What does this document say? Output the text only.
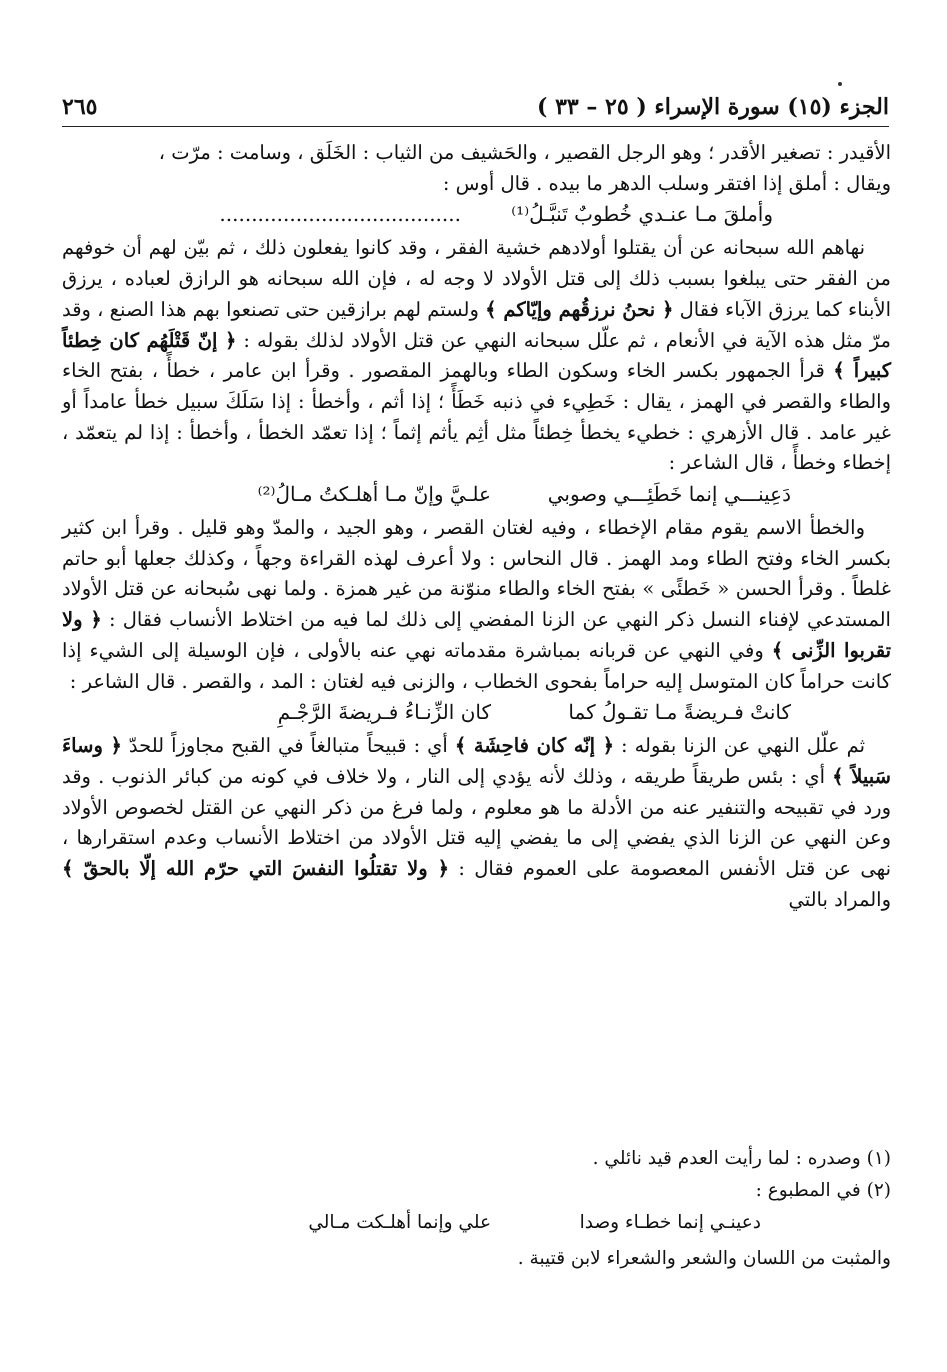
الجزء (١٥) سورة الإسراء ( ٢٥ – ٣٣ )
٢٦٥

الأقيدر : تصغير الأقدر ؛ وهو الرجل القصير ، والحَشيف من الثياب : الخَلَق ، وسامت : مرّت ،

ويقال : أملق إذا افتقر وسلب الدهر ما بيده . قال أوس :

وأملقَ مـا عنـدي خُطوبٌ تَنبَّـلُ⁽¹⁾
......................................

نهاهم الله سبحانه عن أن يقتلوا أولادهم خشية الفقر ، وقد كانوا يفعلون ذلك ، ثم بيّن لهم أن خوفهم من الفقر حتى يبلغوا بسبب ذلك إلى قتل الأولاد لا وجه له ، فإن الله سبحانه هو الرازق لعباده ، يرزق الأبناء كما يرزق الآباء فقال ﴿ نحنُ نرزقُهم وإيّاكم ﴾ ولستم لهم برازقين حتى تصنعوا بهم هذا الصنع ، وقد مرّ مثل هذه الآية في الأنعام ، ثم علّل سبحانه النهي عن قتل الأولاد لذلك بقوله : ﴿ إنّ قَتْلَهُم كان خِطئاً كبيراً ﴾ قرأ الجمهور بكسر الخاء وسكون الطاء وبالهمز المقصور . وقرأ ابن عامر ، خطأً ، بفتح الخاء والطاء والقصر في الهمز ، يقال : خَطِيء في ذنبه خَطَأً ؛ إذا أثم ، وأخطأ : إذا سَلَكَ سبيل خطأ عامداً أو غير عامد . قال الأزهري : خطيء يخطأ خِطئاً مثل أثِم يأثم إثماً ؛ إذا تعمّد الخطأ ، وأخطأ : إذا لم يتعمّد ، إخطاء وخطأً ، قال الشاعر :

دَعِينـــي إنما خَطَئِـــي وصوبي
علـيَّ وإنّ مـا أهلـكتُ مـالُ⁽²⁾

والخطأ الاسم يقوم مقام الإخطاء ، وفيه لغتان القصر ، وهو الجيد ، والمدّ وهو قليل . وقرأ ابن كثير بكسر الخاء وفتح الطاء ومد الهمز . قال النحاس : ولا أعرف لهذه القراءة وجهاً ، وكذلك جعلها أبو حاتم غلطاً . وقرأ الحسن « خَطئًى » بفتح الخاء والطاء منوّنة من غير همزة . ولما نهى سُبحانه عن قتل الأولاد المستدعي لإفناء النسل ذكر النهي عن الزنا المفضي إلى ذلك لما فيه من اختلاط الأنساب فقال : ﴿ ولا تقربوا الزِّنى ﴾ وفي النهي عن قربانه بمباشرة مقدماته نهي عنه بالأولى ، فإن الوسيلة إلى الشيء إذا كانت حراماً كان المتوسل إليه حراماً بفحوى الخطاب ، والزنى فيه لغتان : المد ، والقصر . قال الشاعر :

كانتْ فـريضةً مـا تقـولُ كما
كان الزِّنـاءُ فـريضةَ الرَّجْـمِ

ثم علّل النهي عن الزنا بقوله : ﴿ إنّه كان فاحِشَة ﴾ أي : قبيحاً متبالغاً في القبح مجاوزاً للحدّ ﴿ وساءَ سَبيلاً ﴾ أي : بئس طريقاً طريقه ، وذلك لأنه يؤدي إلى النار ، ولا خلاف في كونه من كبائر الذنوب . وقد ورد في تقبيحه والتنفير عنه من الأدلة ما هو معلوم ، ولما فرغ من ذكر النهي عن القتل لخصوص الأولاد وعن النهي عن الزنا الذي يفضي إلى ما يفضي إليه قتل الأولاد من اختلاط الأنساب وعدم استقرارها ، نهى عن قتل الأنفس المعصومة على العموم فقال : ﴿ ولا تقتلُوا النفسَ التي حرّم الله إلّا بالحقّ ﴾ والمراد بالتي

(١) وصدره : لما رأيت العدم قيد نائلي .
(٢) في المطبوع :
دعينـي إنما خطـاء وصدا
علي وإنما أهلـكت مـالي
والمثبت من اللسان والشعر والشعراء لابن قتيبة .
